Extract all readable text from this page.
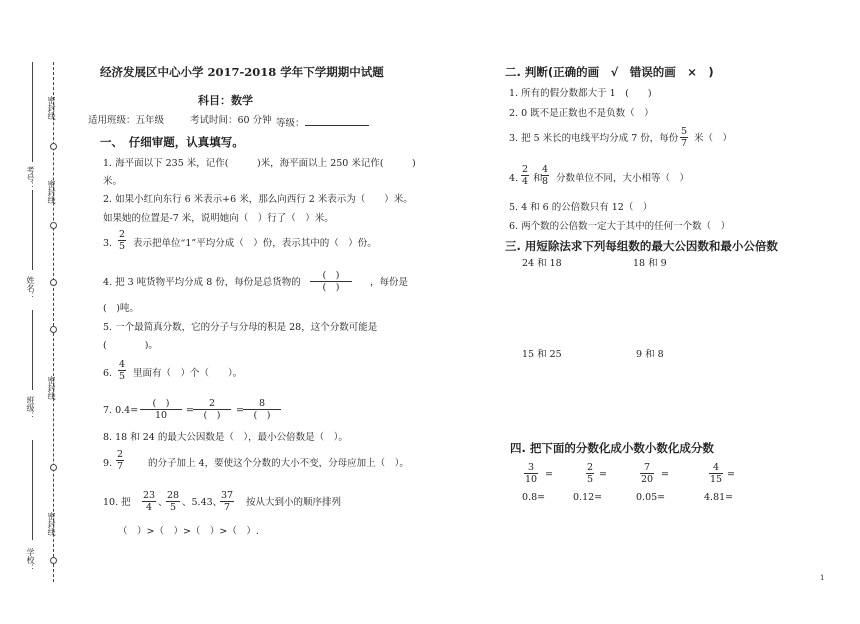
密封线
密封线
密封线
密封线
考号：
姓名：
班级：
学校：
经济发展区中心小学 2017-2018 学年下学期期中试题
科目：数学
适用班级：五年级	考试时间：60 分钟 等级：
一、　仔细审题，认真填写。
1. 海平面以下 235 米，记作(　　　)米，海平面以上 250 米记作(　　　)
米。
2. 如果小红向东行 6 米表示+6 米，那么向西行 2 米表示为（　　）米。
如果她的位置是-7 米，说明她向（　）行了（　）米。
3. $\frac{2}{5}$ 表示把单位“1”平均分成（　）份，表示其中的（　）份。
4. 把 3 吨货物平均分成 8 份，每份是总货物的
(　)
(　)	，每份是
(　)吨。
5. 一个最简真分数，它的分子与分母的积是 28，这个分数可能是
(　　　　)。
6. $\frac{4}{5}$ 里面有（　）个（　　）。
7. 0.4=
(　)
10	=
2
(　)	=
8
(　)
8. 18 和 24 的最大公因数是（　），最小公倍数是（　）。
9. $\frac{2}{7}$	的分子加上 4，要使这个分数的大小不变，分母应加上（　）。
10. 把 $\frac{23}{4}$ 、
$\frac{28}{5}$ 、5.43、
$\frac{37}{7}$ 按从大到小的顺序排列
（　）>（　）>（　）>（　）.
二. 判断(正确的画　√　错误的画　×　)
1. 所有的假分数都大于 1　(　　)
2. 0 既不是正数也不是负数（　）
3. 把 5 米长的电线平均分成 7 份，每份 $\frac{5}{7}$ 米（　）
4. $\frac{2}{4}$ 和
$\frac{4}{8}$ 分数单位不同，大小相等（　）
5. 4 和 6 的公倍数只有 12（　）
6. 两个数的公倍数一定大于其中的任何一个数（　）
三. 用短除法求下列每组数的最大公因数和最小公倍数
24 和 18	18 和 9
15 和 25	9 和 8
四. 把下面的分数化成小数小数化成分数
$\frac{3}{10}$ =	$\frac{2}{5}$ =	$\frac{7}{20}$ =	$\frac{4}{15}$ =
0.8=	0.12=	0.05=	4.81=
1
